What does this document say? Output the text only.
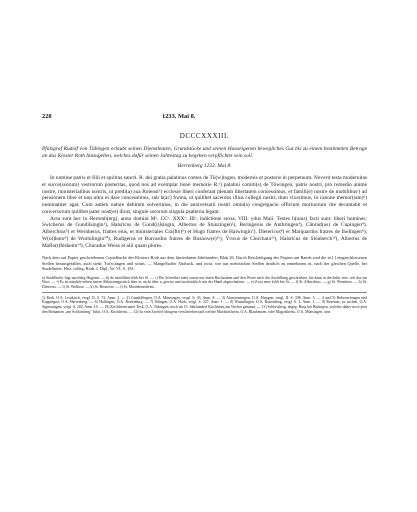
228	1233. Mai 8.
DCCCXXXIII.
Pfalzgraf Rudolf von Tübingen erlaubt seinen Dienstleuten, Grundstücke und seinen Hauseigenen bewegliches Gut bis zu einem bestimmten Betrage an das Kloster Roth hinzugeben, welches dafür seinen Jahrestag zu begehen verpflichtet sein soll.
Herrenberg 1233. Mai 8.

In nomine patris et filii et spiritus sancti. R. dei gratia palatinus comes de Tö(w)ingen, modernis et posteris in perpetuum. Noverit testa modernitas et succe(ssorum) vestrorum posteritas, quod nos ad exemplar bone memorie R.ᵃ) palatini comiti(s) de Töwingen, patris nostri, pro remedio anime nostre, ministerialibus nostris, ut predi(a) sua Rotensiᵇ) ecclesie liberi conferant plenam libertatem concessimus, et famili(e) nostre de mobilibusᶜ) ad pensionem libre et non ultra ei dare concessimus, sub h(ac) forma, ut quilibet sacerdos illius collegii nostri, dum vixerimus, in canone memor(iam)ᵈ) nominatiter agat. Cum autem nature debitum solverimus, in die anniversarii nostri omni(s) congregacio officium mortuorum rite decantabit et conversorum quilibet pater nost(er) dicat, singule sororum singula psalteria legant.

Acta sunt hec in Herrenb(erg), anno domini Mᵒ. CCᵒ. XXXᵒ. IIIᵒ, indictione sexta, VIII. ydus Maii. Testes h(uius) facti sunt: liberi homines: Swicherus de Gundilsingin¹), Halsricus de Gund(i)lsingin, Albertus de Stunzingen²), Beringerus de Anthringen³), Cůnrad(us) de Cupingen⁴). Alberchtus⁵) et Wernherus, fratres eius, et ministeriales Cra(fto)⁶) et Hugo fratres de Halwingin⁷), Dietericus⁸) et Marquardus fratres de Ihelingen⁹), W(ol)hoto⁹) de Wurmlingin¹⁰), Rudigerus et Burcardus fratres de Rosnow(e)¹¹), Ÿricus de Chirchain¹²), Halsricus de Slouberch¹³), Albertus de Maflo(t)fesheim¹⁴), Cůnradus Weiss et alii quam plures.

Nach dem auf Papier geschriebenen Copialbuche des Klosters Roth aus dem fünfzehnten Jahrhundert, Blatt 26. Durch Beschädigung des Papiers am Rande sind die in [ ] eingeschlossenen Stellen herausgefallen, auch steht: Tw(w)ingen und seinis. — Mangelhafter Abdruck, und zwar, wie aus mehrfachen Stellen deutlich zu entnehmen ist, nach der gleichen Quelle, bei Stadelhofer, Hist. colleg. Roth. I, Dipl. Nr. VI, S. 181.
a) Stadelhofer fügt unrichtig Hugonis. — b) de mobilibus fehlt bei St. — c) Der Schreiber hatte zuerst nur einen Buchstaben und den Worte nach der Ausfüllung geschrieben, bis dann in die dafür eine, wie das ein Wort. — ᵈ) Es ist nämlich neben einem Abkürzungsstrich über er, nicht über n, gewiss und ausdrücklich mit der Hand abgeschnitten. — e) Zwei neue fehlt bei St. — f) St. Alberchtus. — g) St. Wernhuro. — h) St. Dieterius. — i) St. Wolhoto. — k) St. Bosnowe. — l) St. Machdenesheim.
1) Roth, O.A. Leutkirch, vergl. II, S. 72, Anm. 2. — 2) Gundelfingen, O.A. Münsingen, vergl. S. 43, Anm. 8. — 3) Alstezenzingen, O.A. Ehingen, vergl. II. S. 338, Anm. 5. — 4 und 5) Heberstreingen und Kuppingen, O.A. Herrenberg. — 6) Halfingen, O.A. Rottenburg. — 7) Ihlingen, O.A. Horb, vergl. S. 257, Anm. 1. — 8) Wurmlingen, O.A. Rottenburg, vergl. S. 2, Anm. 1. — 9) Rosenau, zu suchen, O.A. Sigmaringen, vergl. S. 202, Anm. 10. — 10) Kirchheim unter Teck, O.A. Tübingen, noch im 15. Jahrhundert Kirchheim am Neckar genannt. — 11) Schlossberg, abgeg. Burg bei Bettingen, welches daher noch jetzt den Beinamen „am Schlossberg" führt, O.A. Kirchheim. — 12) Ist eine Zweifel übrigens verschrieben und welche Machtolsheim, O.A. Blaubeuren, oder Magolsheim, O.A. Münsingen, sein.
